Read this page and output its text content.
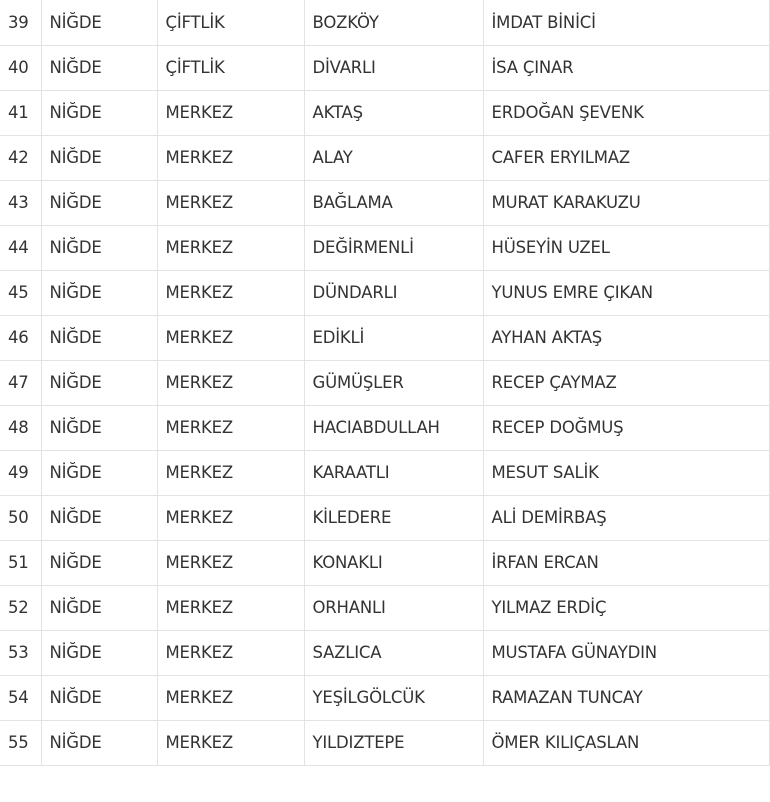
39	NİĞDE	ÇİFTLİK	BOZKÖY	İMDAT BİNİCİ
40	NİĞDE	ÇİFTLİK	DİVARLI	İSA ÇINAR
41	NİĞDE	MERKEZ	AKTAŞ	ERDOĞAN ŞEVENK
42	NİĞDE	MERKEZ	ALAY	CAFER ERYILMAZ
43	NİĞDE	MERKEZ	BAĞLAMA	MURAT KARAKUZU
44	NİĞDE	MERKEZ	DEĞİRMENLİ	HÜSEYİN UZEL
45	NİĞDE	MERKEZ	DÜNDARLI	YUNUS EMRE ÇIKAN
46	NİĞDE	MERKEZ	EDİKLİ	AYHAN AKTAŞ
47	NİĞDE	MERKEZ	GÜMÜŞLER	RECEP ÇAYMAZ
48	NİĞDE	MERKEZ	HACIABDULLAH	RECEP DOĞMUŞ
49	NİĞDE	MERKEZ	KARAATLI	MESUT SALİK
50	NİĞDE	MERKEZ	KİLEDERE	ALİ DEMİRBAŞ
51	NİĞDE	MERKEZ	KONAKLI	İRFAN ERCAN
52	NİĞDE	MERKEZ	ORHANLI	YILMAZ ERDİÇ
53	NİĞDE	MERKEZ	SAZLICA	MUSTAFA GÜNAYDIN
54	NİĞDE	MERKEZ	YEŞİLGÖLCÜK	RAMAZAN TUNCAY
55	NİĞDE	MERKEZ	YILDIZTEPE	ÖMER KILIÇASLAN
